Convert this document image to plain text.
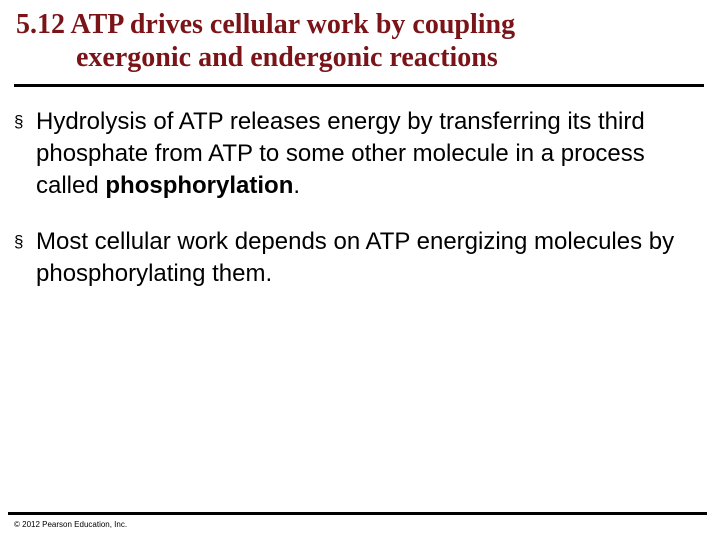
5.12 ATP drives cellular work by coupling
exergonic and endergonic reactions
§ Hydrolysis of ATP releases energy by transferring its third phosphate from ATP to some other molecule in a process called phosphorylation.
§ Most cellular work depends on ATP energizing molecules by phosphorylating them.
© 2012 Pearson Education, Inc.
